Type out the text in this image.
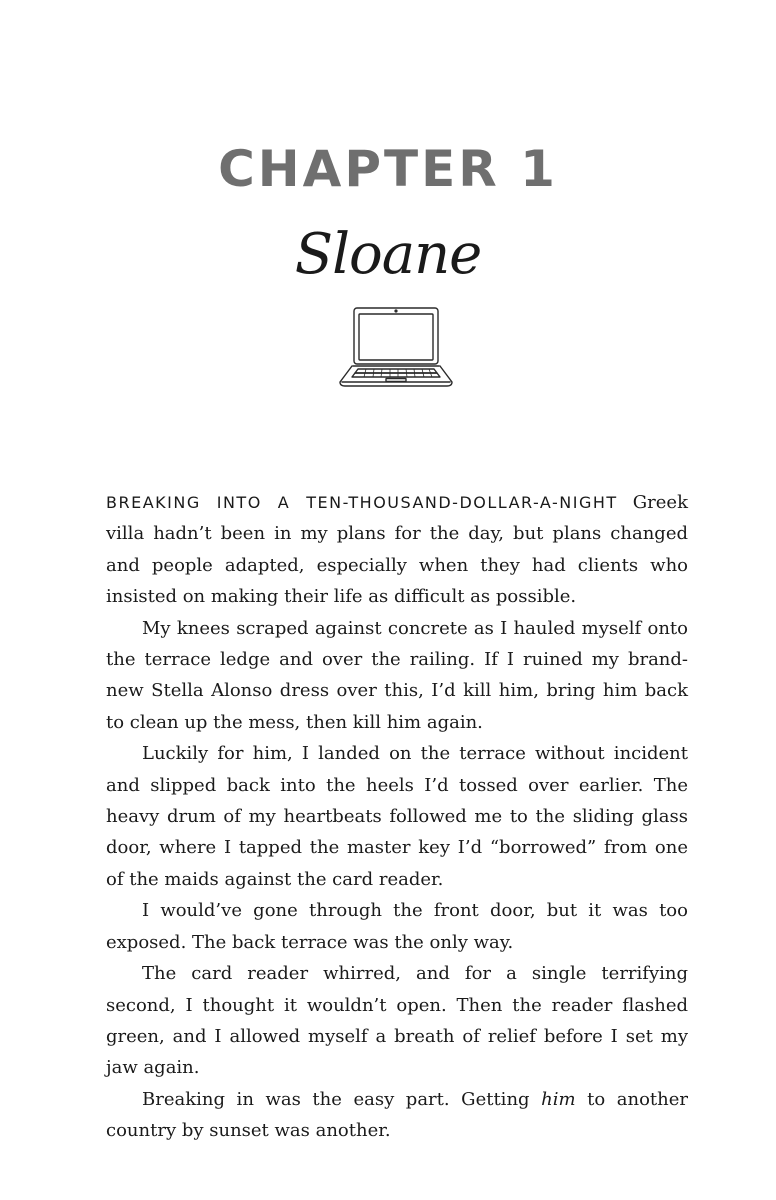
CHAPTER 1
Sloane

BREAKING INTO A TEN-THOUSAND-DOLLAR-A-NIGHT Greek villa hadn’t been in my plans for the day, but plans changed and people adapted, especially when they had clients who insisted on making their life as difficult as possible.

My knees scraped against concrete as I hauled myself onto the terrace ledge and over the railing. If I ruined my brand-new Stella Alonso dress over this, I’d kill him, bring him back to clean up the mess, then kill him again.

Luckily for him, I landed on the terrace without incident and slipped back into the heels I’d tossed over earlier. The heavy drum of my heartbeats followed me to the sliding glass door, where I tapped the master key I’d “borrowed” from one of the maids against the card reader.

I would’ve gone through the front door, but it was too exposed. The back terrace was the only way.

The card reader whirred, and for a single terrifying second, I thought it wouldn’t open. Then the reader flashed green, and I allowed myself a breath of relief before I set my jaw again.

Breaking in was the easy part. Getting him to another country by sunset was another.
